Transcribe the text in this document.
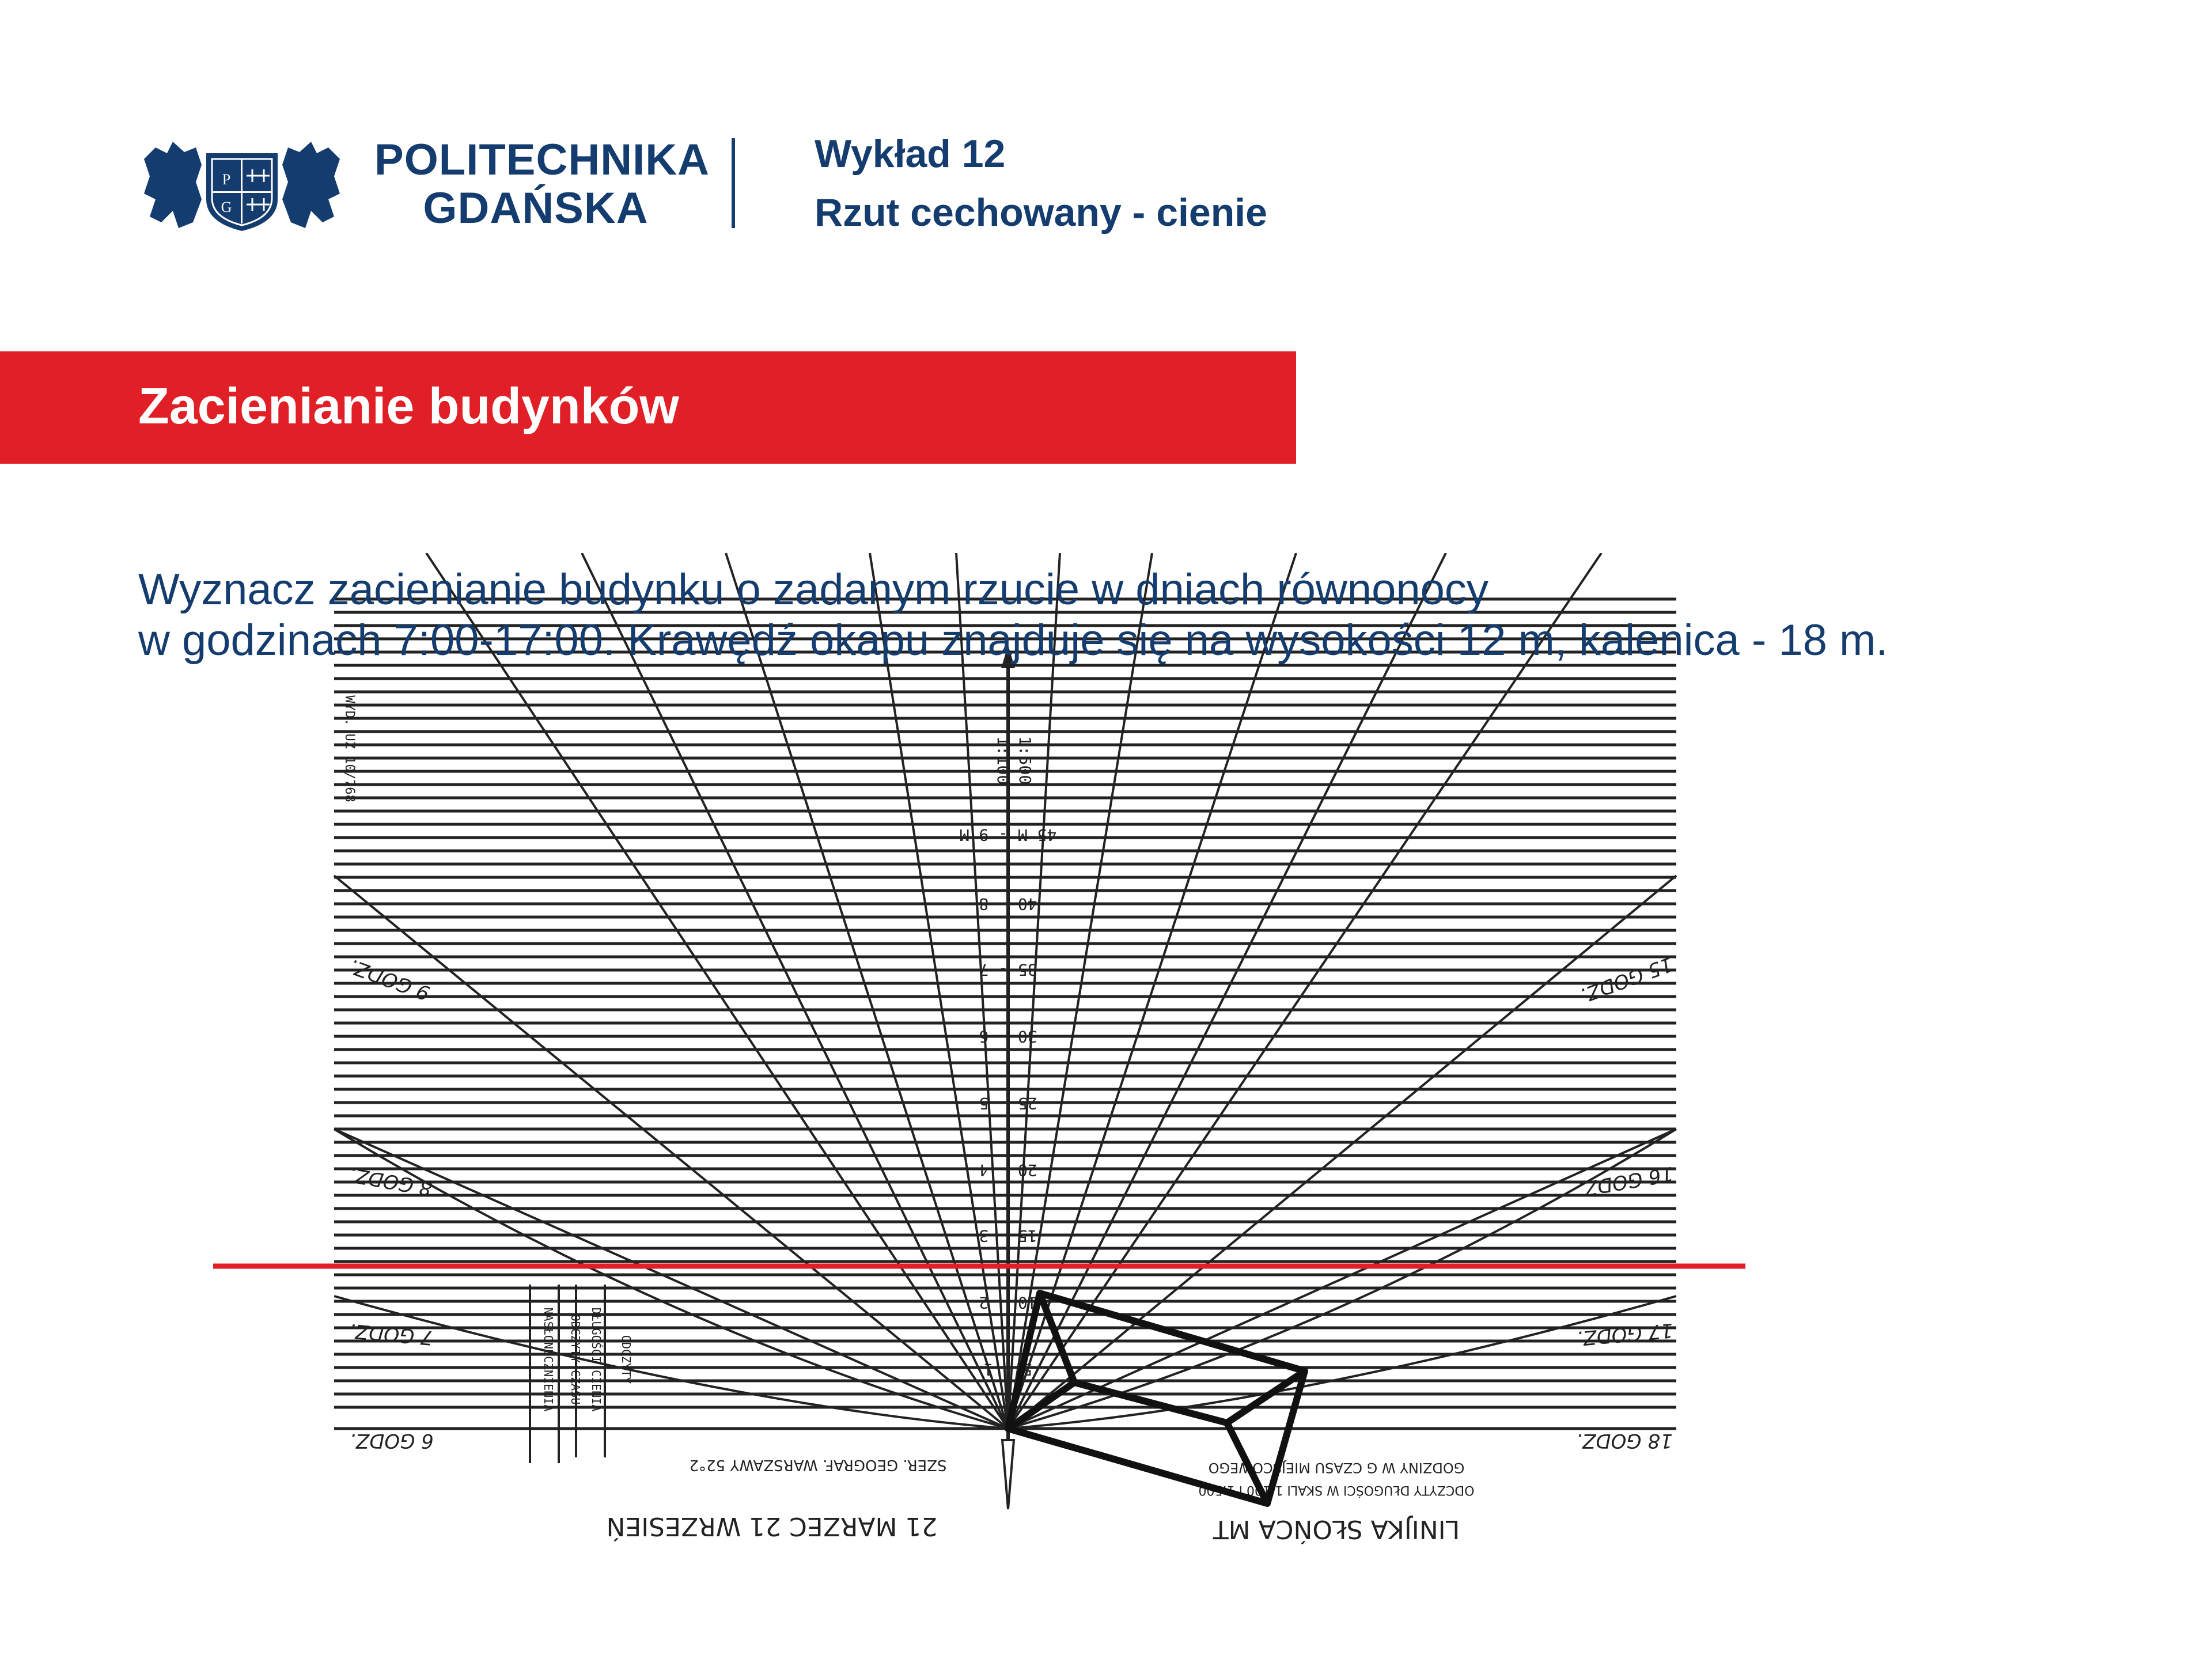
P
G
POLITECHNIKA
GDAŃSKA
Wykład 12
Rzut cechowany - cienie
Zacienianie budynków
45 M - 9 M
40 - 8
35 - 7
30 - 6
25 - 5
20 - 4
15 - 3
10 - 2
5 - 1
1:100 1:500
WYD. UZ 10/768
9 GODZ.
8 GODZ.
7 GODZ.
6 GODZ.
15 GODZ.
16 GODZ.
17 GODZ.
18 GODZ.
ODCZYTY
DŁUGOŚCI CIENIA
ODCZYTY CZASU
NASŁONECZNIENIA
SZER. GEOGRAF. WARSZAWY 52°2
21 MARZEC 21 WRZESIEŃ
GODZINY W G CZASU MIEJSCOWEGO
ODCZYTY DŁUGOŚCI W SKALI 1:100 i 1:500
LINIJKA SŁOŃCA MT
Wyznacz zacienianie budynku o zadanym rzucie w dniach równonocy
w godzinach 7:00-17:00. Krawędź okapu znajduje się na wysokości 12 m, kalenica - 18 m.
